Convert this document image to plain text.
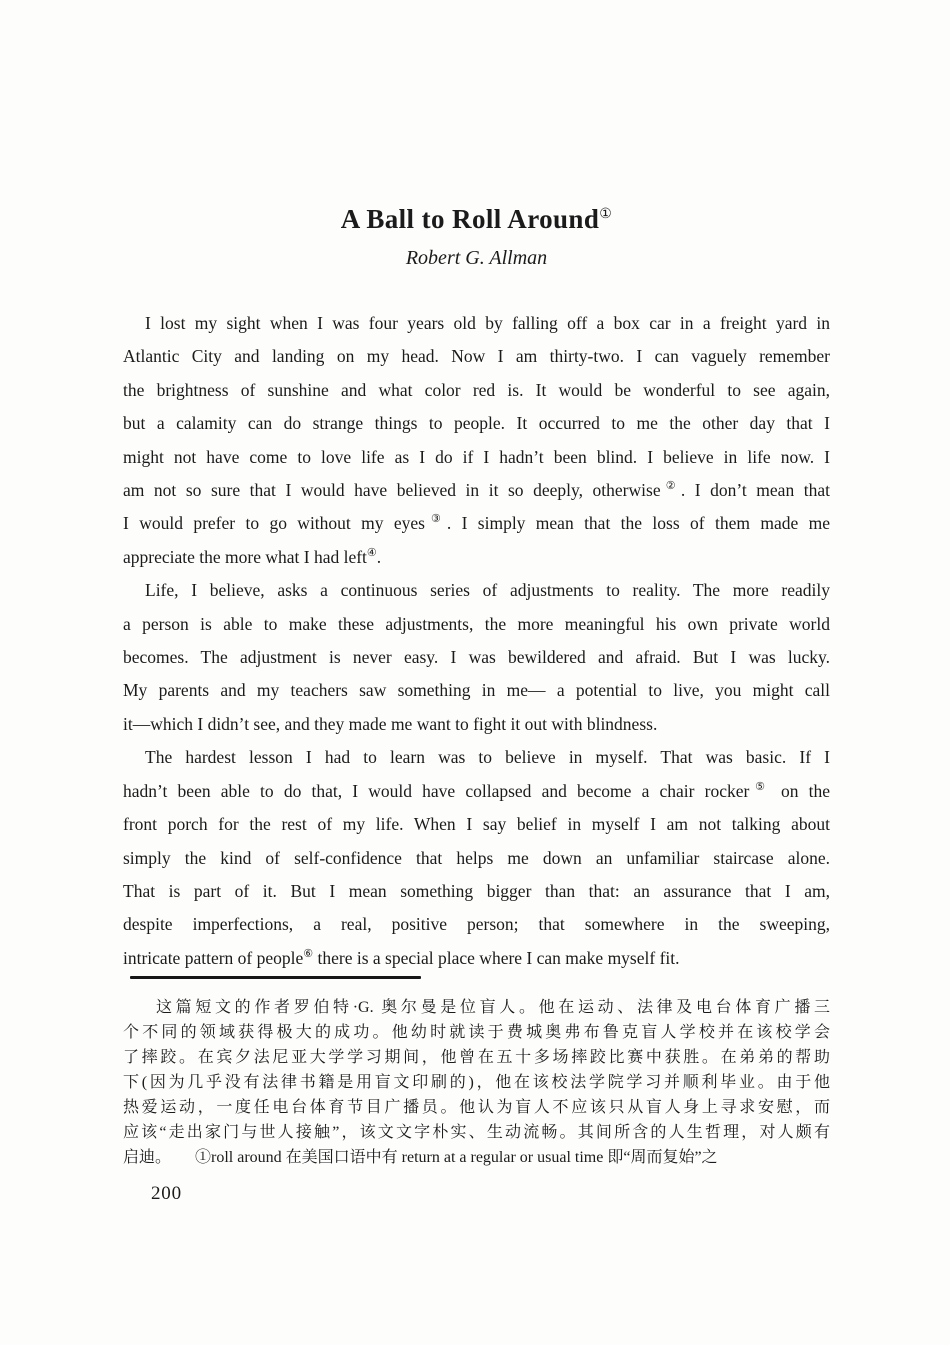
A Ball to Roll Around①
Robert G. Allman
I lost my sight when I was four years old by falling off a box car in a freight yard in
Atlantic City and landing on my head. Now I am thirty-two. I can vaguely remember
the brightness of sunshine and what color red is. It would be wonderful to see again,
but a calamity can do strange things to people. It occurred to me the other day that I
might not have come to love life as I do if I hadn’t been blind. I believe in life now. I
am not so sure that I would have believed in it so deeply, otherwise②. I don’t mean that
I would prefer to go without my eyes③. I simply mean that the loss of them made me
appreciate the more what I had left④.
Life, I believe, asks a continuous series of adjustments to reality. The more readily
a person is able to make these adjustments, the more meaningful his own private world
becomes. The adjustment is never easy. I was bewildered and afraid. But I was lucky.
My parents and my teachers saw something in me— a potential to live, you might call
it—which I didn’t see, and they made me want to fight it out with blindness.
The hardest lesson I had to learn was to believe in myself. That was basic. If I
hadn’t been able to do that, I would have collapsed and become a chair rocker⑤ on the
front porch for the rest of my life. When I say belief in myself I am not talking about
simply the kind of self-confidence that helps me down an unfamiliar staircase alone.
That is part of it. But I mean something bigger than that: an assurance that I am,
despite imperfections, a real, positive person; that somewhere in the sweeping,
intricate pattern of people⑥ there is a special place where I can make myself fit.
这篇短文的作者罗伯特·G. 奥尔曼是位盲人。他在运动、法律及电台体育广播三
个不同的领域获得极大的成功。他幼时就读于费城奥弗布鲁克盲人学校并在该校学会
了摔跤。在宾夕法尼亚大学学习期间，他曾在五十多场摔跤比赛中获胜。在弟弟的帮助
下(因为几乎没有法律书籍是用盲文印刷的)，他在该校法学院学习并顺利毕业。由于他
热爱运动，一度任电台体育节目广播员。他认为盲人不应该只从盲人身上寻求安慰，而
应该“走出家门与世人接触”，该文文字朴实、生动流畅。其间所含的人生哲理，对人颇有
启迪。　　①roll around 在美国口语中有 return at a regular or usual time 即“周而复始”之
200
